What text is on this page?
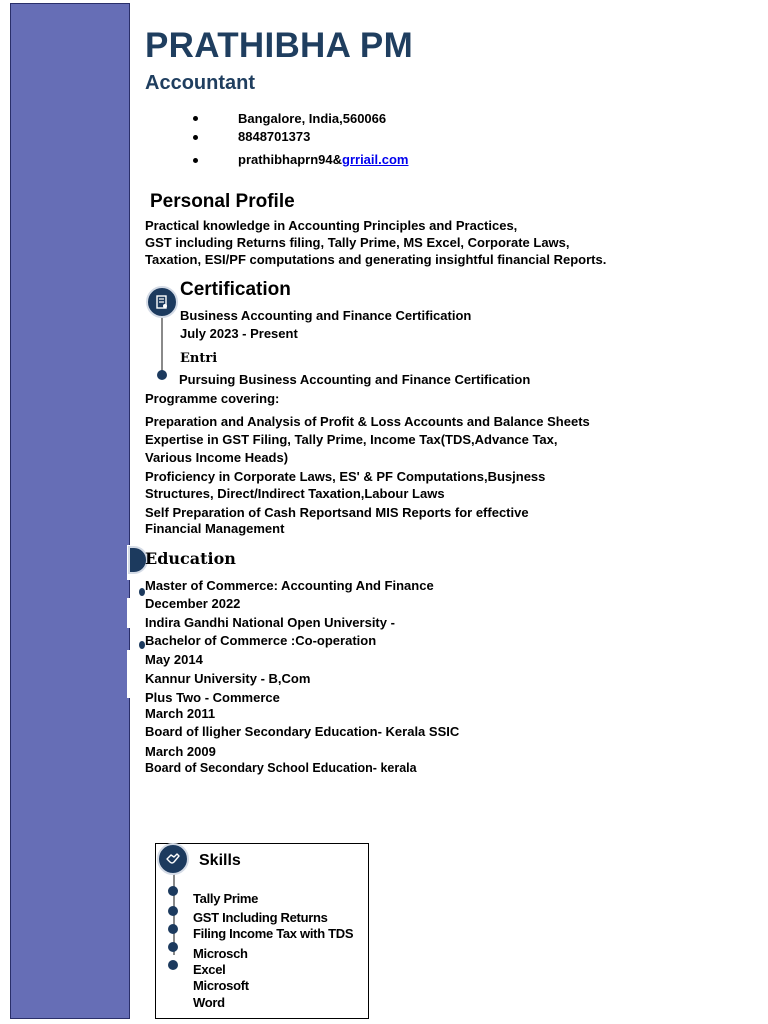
PRATHIBHA PM
Accountant
Bangalore, India,560066
8848701373
prathibhaprn94&grriail.com
Personal Profile
Practical knowledge in Accounting Principles and Practices,
GST including Returns filing, Tally Prime, MS Excel, Corporate Laws,
Taxation, ESI/PF computations and generating insightful financial Reports.
Certification
Business Accounting and Finance Certification
July 2023 - Present
Entri
Pursuing Business Accounting and Finance Certification
Programme covering:
Preparation and Analysis of Profit & Loss Accounts and Balance Sheets
Expertise in GST Filing, Tally Prime, Income Tax(TDS,Advance Tax,
Various Income Heads)
Proficiency in Corporate Laws, ES' & PF Computations,Busjness
Structures, Direct/Indirect Taxation,Labour Laws
Self Preparation of Cash Reportsand MIS Reports for effective
Financial Management
Education
Master of Commerce: Accounting And Finance
December 2022
Indira Gandhi National Open University -
Bachelor of Commerce :Co-operation
May 2014
Kannur University - B,Com
Plus Two - Commerce
March 2011
Board of lligher Secondary Education- Kerala SSIC
March 2009
Board of Secondary School Education- kerala
Skills
Tally Prime
GST Including Returns
Filing Income Tax with TDS
Microsch
Excel
Microsoft
Word
